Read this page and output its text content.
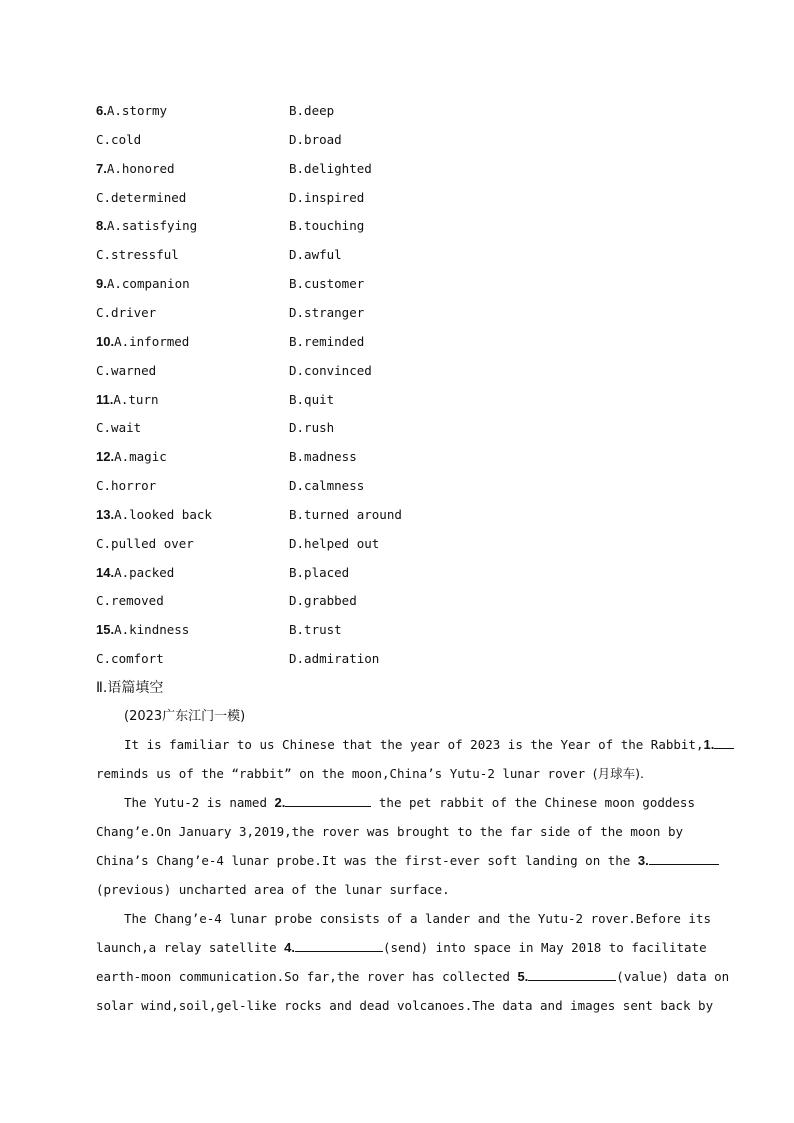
6.A.stormy	B.deep
C.cold	D.broad
7.A.honored	B.delighted
C.determined	D.inspired
8.A.satisfying	B.touching
C.stressful	D.awful
9.A.companion	B.customer
C.driver	D.stranger
10.A.informed	B.reminded
C.warned	D.convinced
11.A.turn	B.quit
C.wait	D.rush
12.A.magic	B.madness
C.horror	D.calmness
13.A.looked back	B.turned around
C.pulled over	D.helped out
14.A.packed	B.placed
C.removed	D.grabbed
15.A.kindness	B.trust
C.comfort	D.admiration
Ⅱ.语篇填空
(2023广东江门一模)
It is familiar to us Chinese that the year of 2023 is the Year of the Rabbit,1.
reminds us of the “rabbit” on the moon,China’s Yutu-2 lunar rover (月球车).
The Yutu-2 is named 2.	the pet rabbit of the Chinese moon goddess
Chang’e.On January 3,2019,the rover was brought to the far side of the moon by
China’s Chang’e-4 lunar probe.It was the first-ever soft landing on the 3.
(previous) uncharted area of the lunar surface.
The Chang’e-4 lunar probe consists of a lander and the Yutu-2 rover.Before its
launch,a relay satellite 4.	(send) into space in May 2018 to facilitate
earth-moon communication.So far,the rover has collected 5.	(value) data on
solar wind,soil,gel-like rocks and dead volcanoes.The data and images sent back by
